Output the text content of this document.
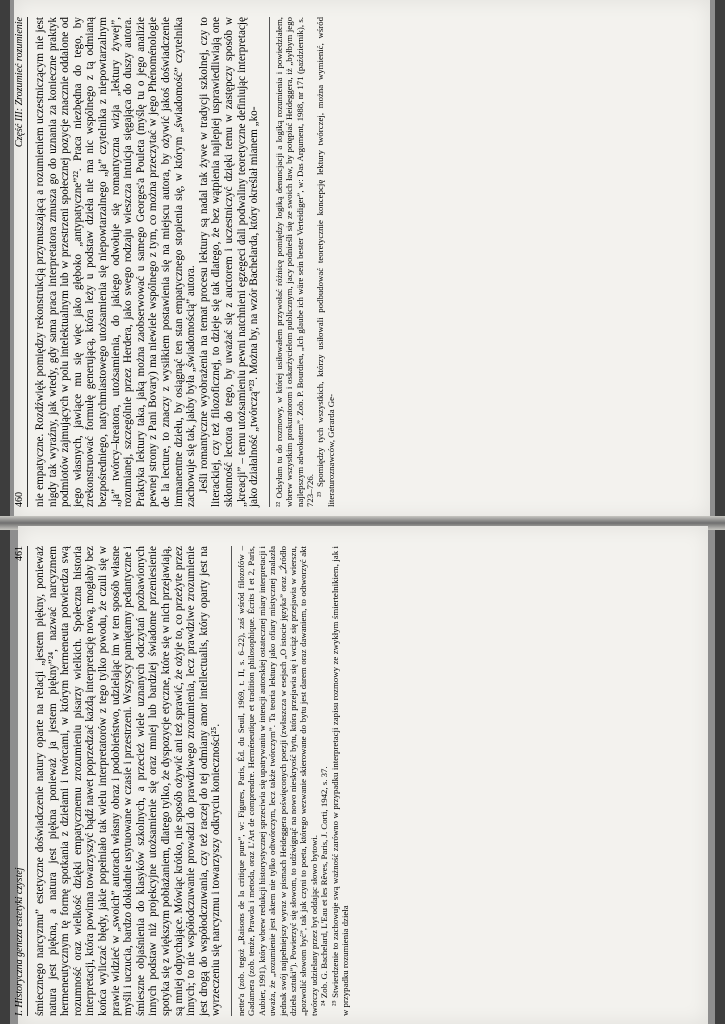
460
Część III: Zrozumieć rozumienie nie empatyczne. Rozdźwięk pomiędzy rekonstrukcją przymuszającą a rozumieniem uczestniczącym nie jest nigdy tak wyraźny, jak wtedy, gdy sama praca interpretatora zmusza go do uznania za konieczne praktyk podmiotów zajmujących w polu intelektualnym lub w przestrzeni społecznej pozycje znacznie oddalone od jego własnych, jawiące mu się więc jako głęboko „antypatyczne”²². Praca niezbędna do tego, by zrekonstruować formułę generującą, która leży u podstaw dzieła nie ma nic wspólnego z tą odmianą bezpośredniego, natychmiastowego utożsamienia się niepowtarzalnego „ja” czytelnika z niepowtarzalnym „ja” twórcy–kreatora, utożsamienia, do jakiego odwołuje się romantyczna wizja „lektury żywej”, rozumianej, szczególnie przez Herdera, jako swego rodzaju wieszcza intuicja sięgająca do duszy autora. Praktyka lektury taka, jaką można zaobserwować u samego Georges'a Pouleta (myślę tu o jego analizie pewnej strony z Pani Bovary) ma niewiele wspólnego z tym, co można przeczytać w jego Phénoménologie de la lecture, to znaczy z wysiłkiem postawienia się na miejscu autora, by ożywić jakoś doświadczenie immanentne dziełu, by osiągnąć ten stan empatycznego stopienia się, w którym „świadomość” czytelnika zachowuje się tak, jakby była „świadomością” autora. Jeśli romantyczne wyobrażenia na temat procesu lektury są nadal tak żywe w tradycji szkolnej, czy to literackiej, czy też filozoficznej, to dzieje się tak dlatego, że bez wątpienia najlepiej usprawiedliwiają one skłonność lectora do tego, by uważać się z auctorem i uczestniczyć dzięki temu w zastępczy sposób w „kreacji” – temu utożsamieniu pewni natchnieni egzegeci dali podwaliny teoretyczne definiując interpretację jako działalność „twórczą”²³. Można by, na wzór Bachelarda, który określał mianem „ko- ²² Odsyłam tu do rozmowy, w której usiłowałem przywołać różnicę pomiędzy logiką denuncjacji a logiką rozumienia i powiedziałem, wbrew wszystkim prokuratorom i oskarżycielom publicznym, jacy podnieśli się ze swoich ław, by potępiać Heideggera, iż „byłbym jego najlepszym adwokatem”. Zob. P. Bourdieu, „Ich glaube ich wäre sein bester Verteidiger”, w: Das Argument, 1988, nr 171 (październik), s. 723–726. ²³ Spomiędzy tych wszystkich, którzy usiłowali podbudować teoretycznie koncepcję lektury twórczej, można wymienić, wśród literaturoznawców, Gérarda Ge-

I. Historyczna geneza estetyki czystej
461 śmiecznego narcyzmu” estetyczne doświadczenie natury oparte na relacji „jestem piękny, ponieważ natura jest piękna, a natura jest piękna ponieważ ja jestem piękny”²⁴, nazwać narcyzmem hermeneutycznym tę formę spotkania z dziełami i twórcami, w którym hermeneuta potwierdza swą rozumność oraz wielkość dzięki empatycznemu zrozumieniu pisarzy wielkich. Społeczna historia interpretacji, która powinna towarzyszyć bądź nawet poprzedzać każdą interpretację nową, mogłaby bez końca wyliczać błędy, jakie popełniało tak wielu interpretatorów z tego tylko powodu, że czuli się w prawie widzieć w „swoich” autorach własny obraz i podobieństwo, udzielając im w ten sposób własne myśli i uczucia, bardzo dokładnie usytuowane w czasie i przestrzeni. Wszyscy pamiętamy pedantyczne i śmieszne objaśnienia do klasyków szkolnych, a przecież wiele uznanych odczytań pozbawionych innych podstaw niż projekcyjne utożsamienie się oraz mniej lub bardziej świadome przeniesienie spotyka się z większym pobłażaniem, dlatego tylko, że dyspozycje etyczne, które się w nich przejawiają, są mniej odpychające. Mówiąc krótko, nie sposób ożywić ani też sprawić, że ożyje to, co przeżyte przez innych; to nie współodczuwanie prowadzi do prawdziwego zrozumienia, lecz prawdziwe zrozumienie jest drogą do współodczuwania, czy też raczej do tej odmiany amor intellectualis, który oparty jest na wyrzeczeniu się narcyzmu i towarzyszy odkryciu konieczności²⁵. nette'a (zob. tegoż „Raisons de la critique pure”, w: Figures, Paris, Éd. du Seuil, 1969, t. II, s. 6–22), zaś wśród filozofów – Gadamera (zob. tenże, Prawda i metoda, oraz L'Art de comprendre. Herméneutique et tradition philosophique. Écrits I et 2, Paris, Aubier, 1991), który wbrew redukcji historystycznej sprzeciwia się upatrywaniu w intencji autorskiej ostatecznej miary interpretacji i uważa, że „rozumienie jest aktem nie tylko odtwórczym, lecz także twórczym”. Ta teoria lektury jako ofiary mistycznej znalazła jednak swój najpełniejszy wyraz w pismach Heideggera poświęconych poezji (zwłaszcza w esejach „O istocie języka” oraz „Źródło dzieła sztuki”). Powierzyć się słowom, to udźwignąć na nowo nieskryość bytu, która przejawia się i wciąż się przejawia w wierszu, „pozwolić słowom być”, tak jak czyni to poeta, którego wezwanie skierowane do bytu jest darem oraz dawaniem, to odtworzyć akt twórczy udzielany przez byt oddając słowo bytowi. ²⁴ Zob. G. Bachelard, L'Eau et les Rêves, Paris, J. Corti, 1942, s. 37. ²⁵ Stwierdzenie to zachowuje swą ważność zarówno w przypadku interpretacji zapisu rozmowy ze zwykłym śmiertelnikiem, jak i w przypadku rozumienia dzieła
